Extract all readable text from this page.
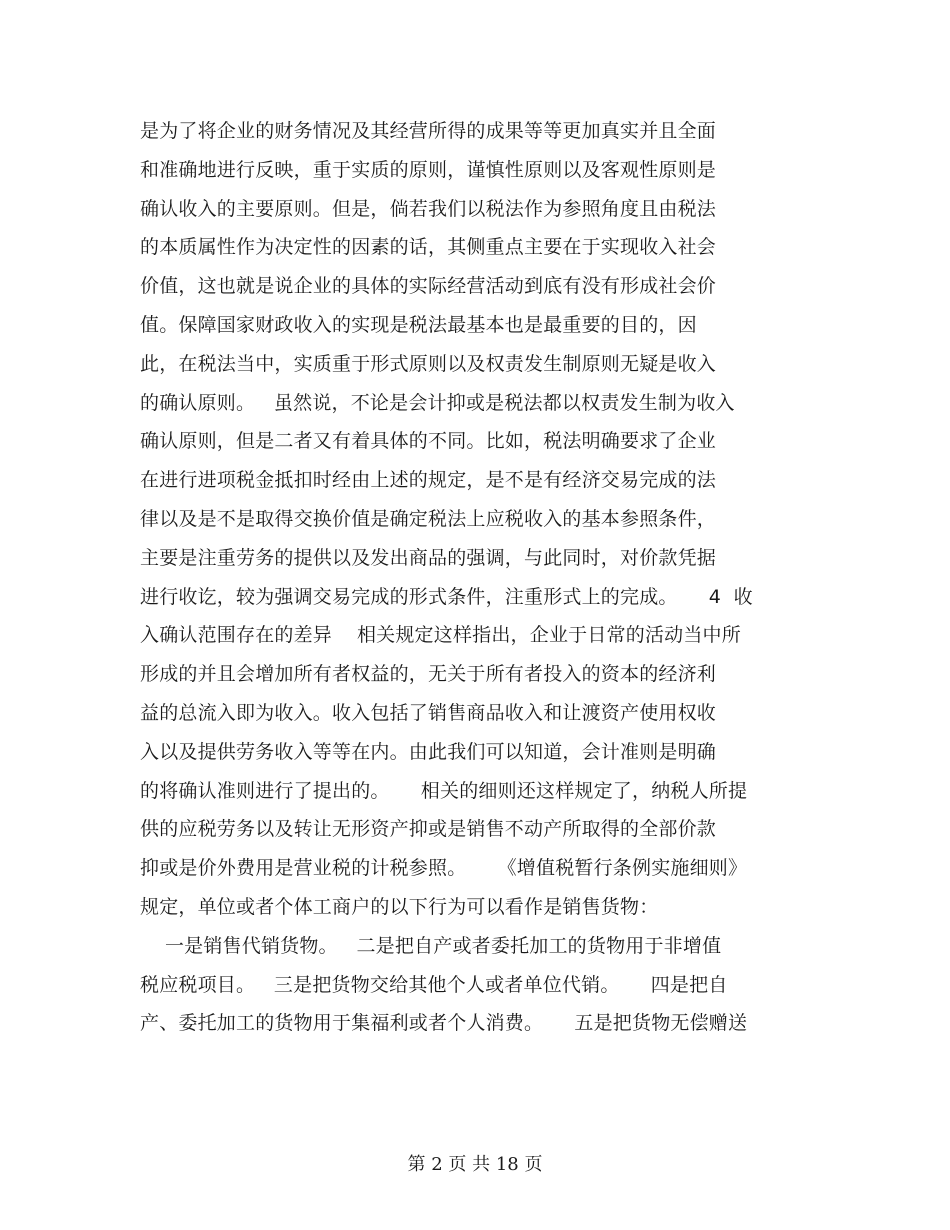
是为了将企业的财务情况及其经营所得的成果等等更加真实并且全面
和准确地进行反映，重于实质的原则，谨慎性原则以及客观性原则是
确认收入的主要原则。但是，倘若我们以税法作为参照角度且由税法
的本质属性作为决定性的因素的话，其侧重点主要在于实现收入社会
价值，这也就是说企业的具体的实际经营活动到底有没有形成社会价
值。保障国家财政收入的实现是税法最基本也是最重要的目的，因
此，在税法当中，实质重于形式原则以及权责发生制原则无疑是收入
的确认原则。   虽然说，不论是会计抑或是税法都以权责发生制为收入
确认原则，但是二者又有着具体的不同。比如，税法明确要求了企业
在进行进项税金抵扣时经由上述的规定，是不是有经济交易完成的法
律以及是不是取得交换价值是确定税法上应税收入的基本参照条件，
主要是注重劳务的提供以及发出商品的强调，与此同时，对价款凭据
进行收讫，较为强调交易完成的形式条件，注重形式上的完成。     4  收
入确认范围存在的差异    相关规定这样指出，企业于日常的活动当中所
形成的并且会增加所有者权益的，无关于所有者投入的资本的经济利
益的总流入即为收入。收入包括了销售商品收入和让渡资产使用权收
入以及提供劳务收入等等在内。由此我们可以知道，会计准则是明确
的将确认准则进行了提出的。     相关的细则还这样规定了，纳税人所提
供的应税劳务以及转让无形资产抑或是销售不动产所取得的全部价款
抑或是价外费用是营业税的计税参照。     《增值税暂行条例实施细则》
规定，单位或者个体工商户的以下行为可以看作是销售货物：
一是销售代销货物。   二是把自产或者委托加工的货物用于非增值
税应税项目。   三是把货物交给其他个人或者单位代销。     四是把自
产、委托加工的货物用于集福利或者个人消费。     五是把货物无偿赠送
第 2 页 共 18 页
